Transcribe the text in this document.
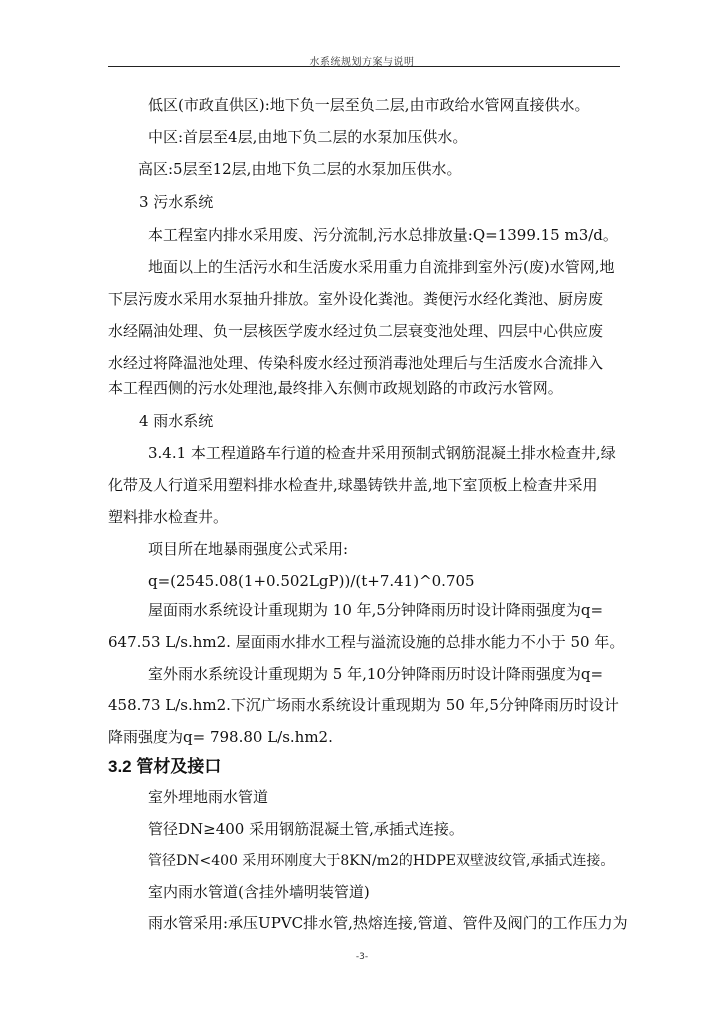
水系统规划方案与说明
低区(市政直供区):地下负一层至负二层,由市政给水管网直接供水。
中区:首层至4层,由地下负二层的水泵加压供水。
高区:5层至12层,由地下负二层的水泵加压供水。
3 污水系统
本工程室内排水采用废、污分流制,污水总排放量:Q=1399.15 m3/d。
地面以上的生活污水和生活废水采用重力自流排到室外污(废)水管网,地
下层污废水采用水泵抽升排放。室外设化粪池。粪便污水经化粪池、厨房废
水经隔油处理、负一层核医学废水经过负二层衰变池处理、四层中心供应废
水经过将降温池处理、传染科废水经过预消毒池处理后与生活废水合流排入
本工程西侧的污水处理池,最终排入东侧市政规划路的市政污水管网。
4 雨水系统
3.4.1 本工程道路车行道的检查井采用预制式钢筋混凝土排水检查井,绿
化带及人行道采用塑料排水检查井,球墨铸铁井盖,地下室顶板上检查井采用
塑料排水检查井。
项目所在地暴雨强度公式采用:
q=(2545.08(1+0.502LgP))/(t+7.41)^0.705
屋面雨水系统设计重现期为 10 年,5分钟降雨历时设计降雨强度为q=
647.53 L/s.hm2. 屋面雨水排水工程与溢流设施的总排水能力不小于 50 年。
室外雨水系统设计重现期为 5 年,10分钟降雨历时设计降雨强度为q=
458.73 L/s.hm2.下沉广场雨水系统设计重现期为 50 年,5分钟降雨历时设计
降雨强度为q= 798.80 L/s.hm2.
3.2 管材及接口
室外埋地雨水管道
管径DN≥400 采用钢筋混凝土管,承插式连接。
管径DN<400 采用环刚度大于8KN/m2的HDPE双壁波纹管,承插式连接。
室内雨水管道(含挂外墙明装管道)
雨水管采用:承压UPVC排水管,热熔连接,管道、管件及阀门的工作压力为
-3-
